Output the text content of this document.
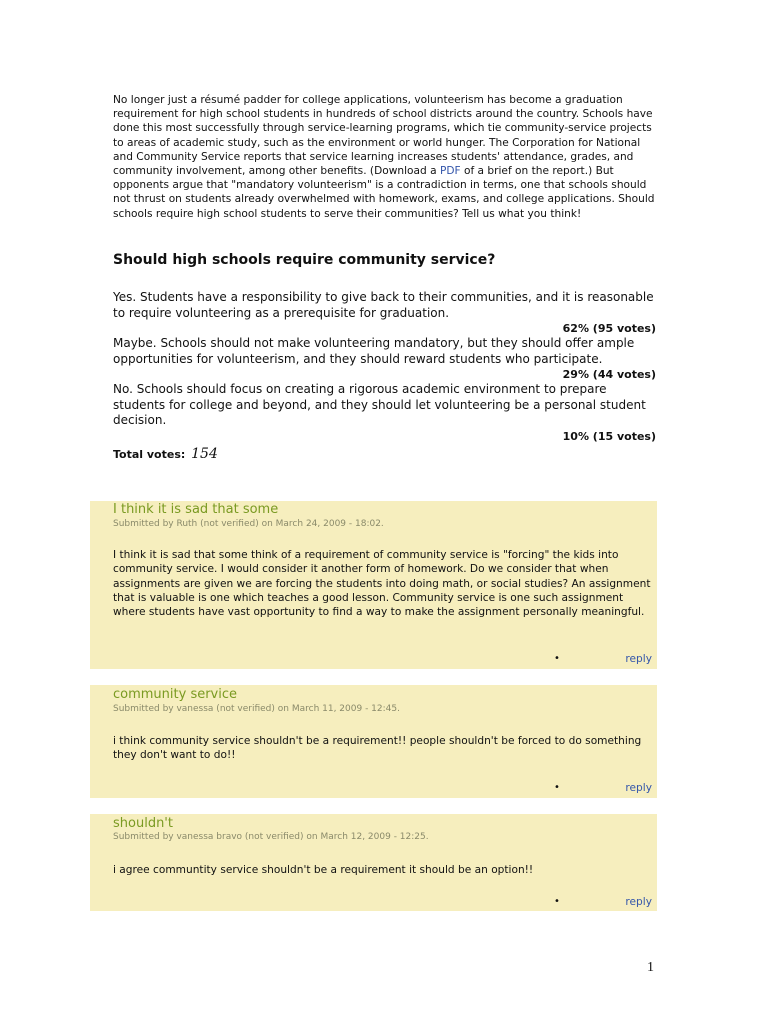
No longer just a résumé padder for college applications, volunteerism has become a graduation requirement for high school students in hundreds of school districts around the country. Schools have done this most successfully through service-learning programs, which tie community-service projects to areas of academic study, such as the environment or world hunger. The Corporation for National and Community Service reports that service learning increases students' attendance, grades, and community involvement, among other benefits. (Download a PDF of a brief on the report.) But opponents argue that "mandatory volunteerism" is a contradiction in terms, one that schools should not thrust on students already overwhelmed with homework, exams, and college applications. Should schools require high school students to serve their communities? Tell us what you think!

Should high schools require community service?
Yes. Students have a responsibility to give back to their communities, and it is reasonable to require volunteering as a prerequisite for graduation.
62% (95 votes)
Maybe. Schools should not make volunteering mandatory, but they should offer ample opportunities for volunteerism, and they should reward students who participate.
29% (44 votes)
No. Schools should focus on creating a rigorous academic environment to prepare students for college and beyond, and they should let volunteering be a personal student decision.
10% (15 votes)
Total votes: 154
I think it is sad that some
Submitted by Ruth (not verified) on March 24, 2009 - 18:02.

I think it is sad that some think of a requirement of community service is "forcing" the kids into community service. I would consider it another form of homework. Do we consider that when assignments are given we are forcing the students into doing math, or social studies? An assignment that is valuable is one which teaches a good lesson. Community service is one such assignment where students have vast opportunity to find a way to make the assignment personally meaningful.

•	reply
community service
Submitted by vanessa (not verified) on March 11, 2009 - 12:45.

i think community service shouldn't be a requirement!! people shouldn't be forced to do something they don't want to do!!

•	reply
shouldn't
Submitted by vanessa bravo (not verified) on March 12, 2009 - 12:25.

i agree communtity service shouldn't be a requirement it should be an option!!

•	reply
1
